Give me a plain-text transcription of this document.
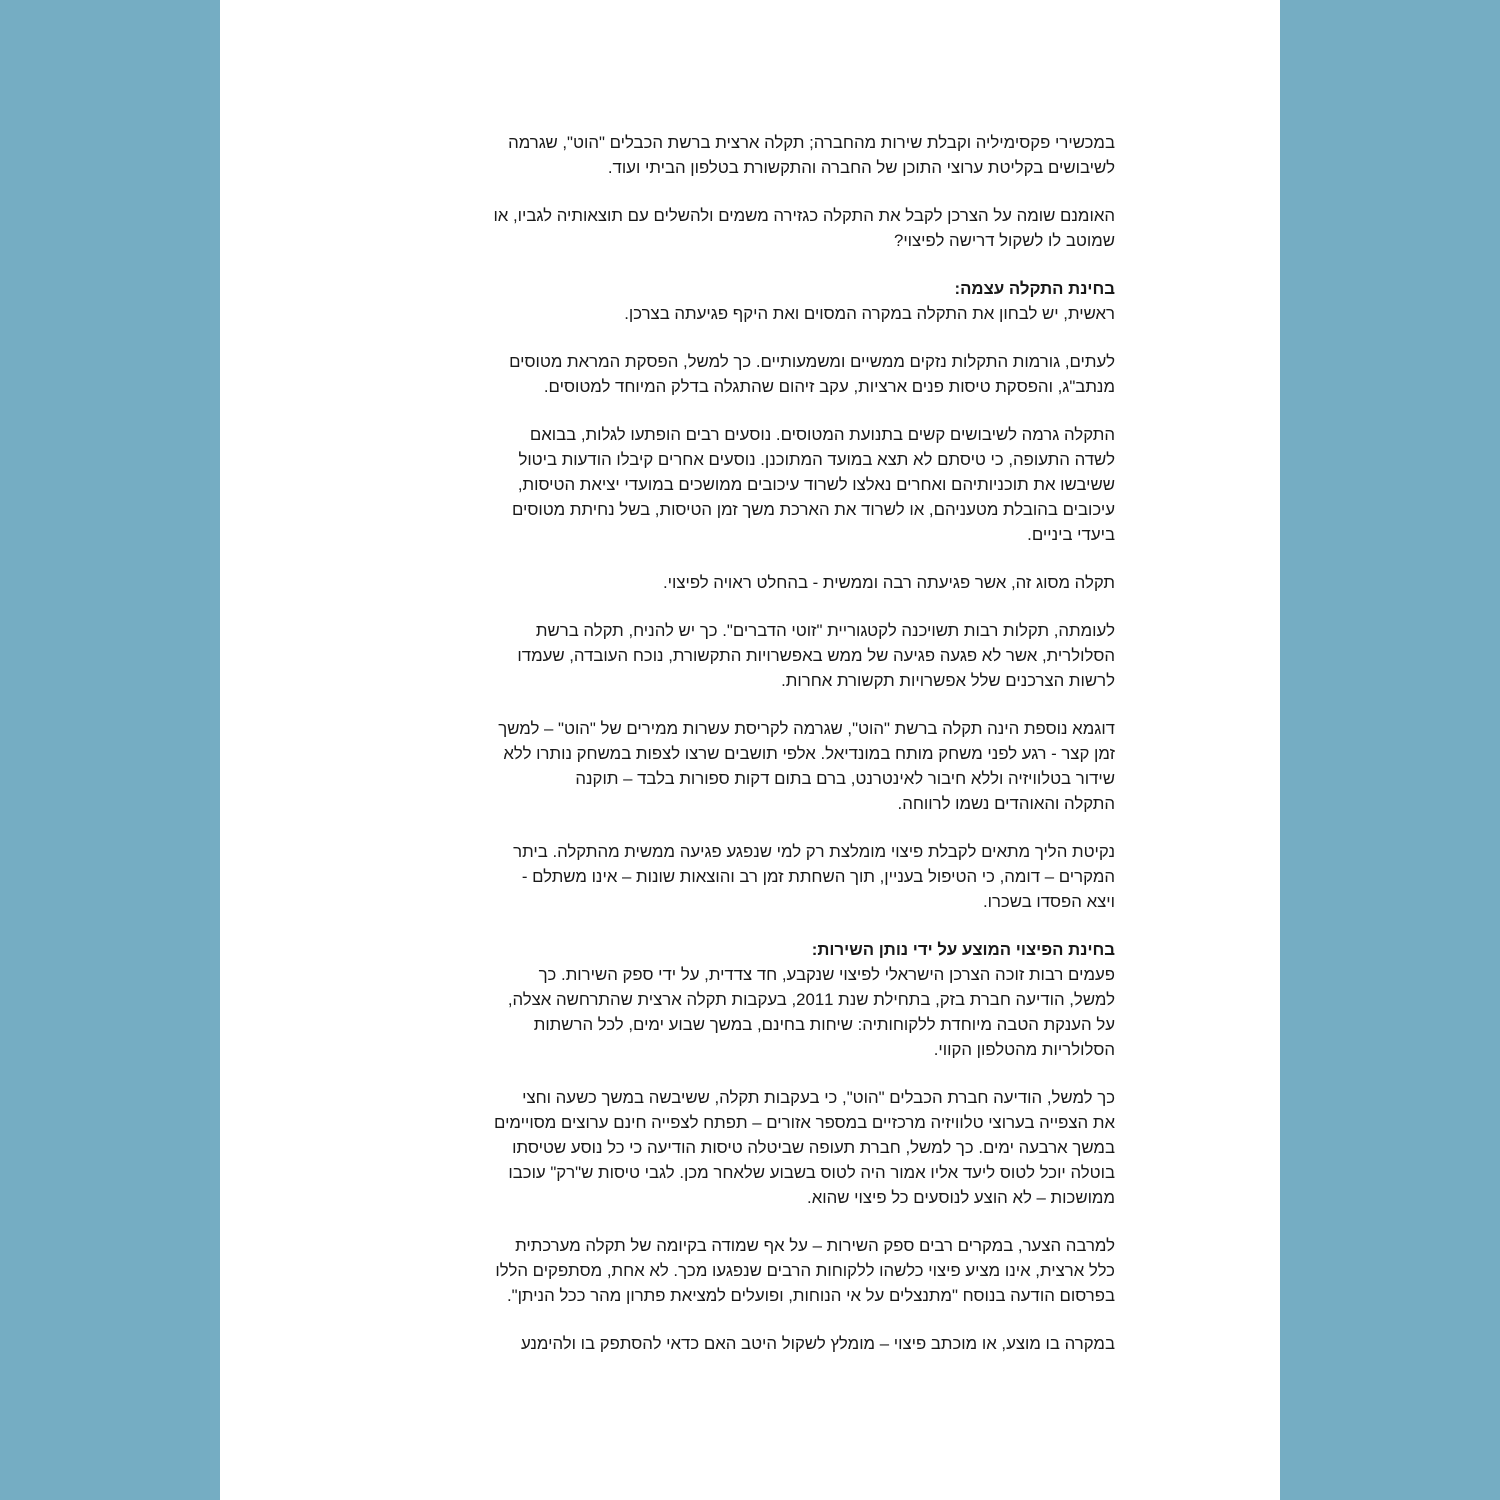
במכשירי פקסימיליה וקבלת שירות מהחברה; תקלה ארצית ברשת הכבלים "הוט", שגרמה
לשיבושים בקליטת ערוצי התוכן של החברה והתקשורת בטלפון הביתי ועוד.
האומנם שומה על הצרכן לקבל את התקלה כגזירה משמים ולהשלים עם תוצאותיה לגביו, או
שמוטב לו לשקול דרישה לפיצוי?
בחינת התקלה עצמה:
ראשית, יש לבחון את התקלה במקרה המסוים ואת היקף פגיעתה בצרכן.
לעתים, גורמות התקלות נזקים ממשיים ומשמעותיים. כך למשל, הפסקת המראת מטוסים
מנתב"ג, והפסקת טיסות פנים ארציות, עקב זיהום שהתגלה בדלק המיוחד למטוסים.
התקלה גרמה לשיבושים קשים בתנועת המטוסים. נוסעים רבים הופתעו לגלות, בבואם
לשדה התעופה, כי טיסתם לא תצא במועד המתוכנן. נוסעים אחרים קיבלו הודעות ביטול
ששיבשו את תוכניותיהם ואחרים נאלצו לשרוד עיכובים ממושכים במועדי יציאת הטיסות,
עיכובים בהובלת מטעניהם, או לשרוד את הארכת משך זמן הטיסות, בשל נחיתת מטוסים
ביעדי ביניים.
תקלה מסוג זה, אשר פגיעתה רבה וממשית - בהחלט ראויה לפיצוי.
לעומתה, תקלות רבות תשויכנה לקטגוריית "זוטי הדברים". כך יש להניח, תקלה ברשת
הסלולרית, אשר לא פגעה פגיעה של ממש באפשרויות התקשורת, נוכח העובדה, שעמדו
לרשות הצרכנים שלל אפשרויות תקשורת אחרות.
דוגמא נוספת הינה תקלה ברשת "הוט", שגרמה לקריסת עשרות ממירים של "הוט" – למשך
זמן קצר - רגע לפני משחק מותח במונדיאל. אלפי תושבים שרצו לצפות במשחק נותרו ללא
שידור בטלוויזיה וללא חיבור לאינטרנט, ברם בתום דקות ספורות בלבד – תוקנה
התקלה והאוהדים נשמו לרווחה.
נקיטת הליך מתאים לקבלת פיצוי מומלצת רק למי שנפגע פגיעה ממשית מהתקלה. ביתר
המקרים – דומה, כי הטיפול בעניין, תוך השחתת זמן רב והוצאות שונות – אינו משתלם -
ויצא הפסדו בשכרו.
בחינת הפיצוי המוצע על ידי נותן השירות:
פעמים רבות זוכה הצרכן הישראלי לפיצוי שנקבע, חד צדדית, על ידי ספק השירות. כך
למשל, הודיעה חברת בזק, בתחילת שנת 2011, בעקבות תקלה ארצית שהתרחשה אצלה,
על הענקת הטבה מיוחדת ללקוחותיה: שיחות בחינם, במשך שבוע ימים, לכל הרשתות
הסלולריות מהטלפון הקווי.
כך למשל, הודיעה חברת הכבלים "הוט", כי בעקבות תקלה, ששיבשה במשך כשעה וחצי
את הצפייה בערוצי טלוויזיה מרכזיים במספר אזורים – תפתח לצפייה חינם ערוצים מסויימים
במשך ארבעה ימים. כך למשל, חברת תעופה שביטלה טיסות הודיעה כי כל נוסע שטיסתו
בוטלה יוכל לטוס ליעד אליו אמור היה לטוס בשבוע שלאחר מכן. לגבי טיסות ש"רק" עוכבו
ממושכות – לא הוצע לנוסעים כל פיצוי שהוא.
למרבה הצער, במקרים רבים ספק השירות – על אף שמודה בקיומה של תקלה מערכתית
כלל ארצית, אינו מציע פיצוי כלשהו ללקוחות הרבים שנפגעו מכך. לא אחת, מסתפקים הללו
בפרסום הודעה בנוסח "מתנצלים על אי הנוחות, ופועלים למציאת פתרון מהר ככל הניתן".
במקרה בו מוצע, או מוכתב פיצוי – מומלץ לשקול היטב האם כדאי להסתפק בו ולהימנע
